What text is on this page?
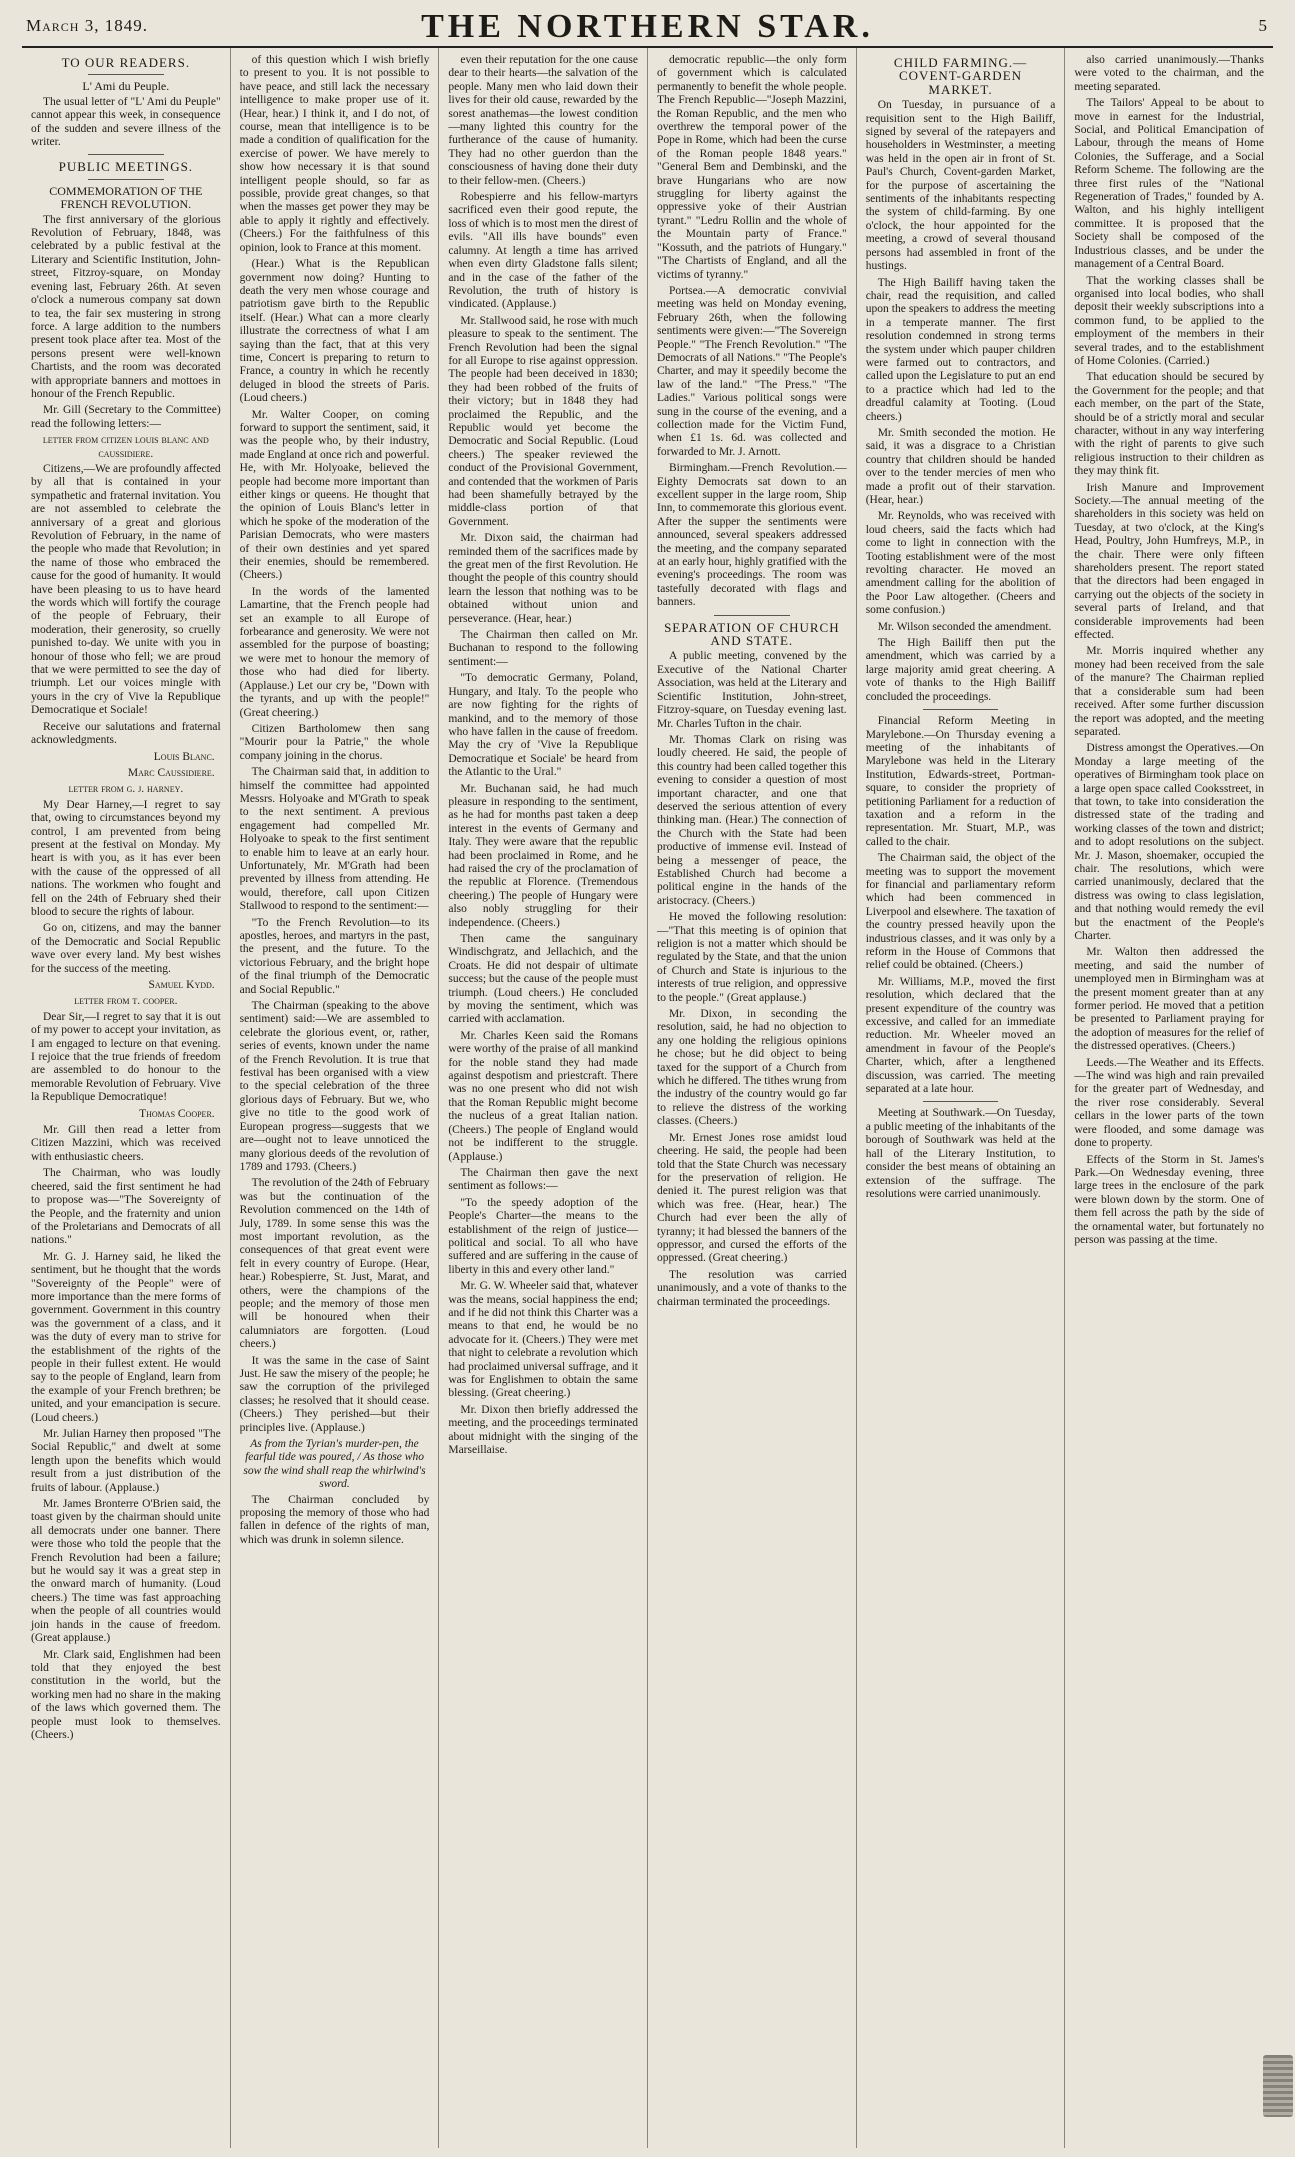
March 3, 1849.	THE NORTHERN STAR.	5
TO OUR READERS.
L' Ami du Peuple.

The usual letter of "L' Ami du Peuple" cannot appear this week, in consequence of the sudden and severe illness of the writer.

PUBLIC MEETINGS.
COMMEMORATION OF THE FRENCH REVOLUTION.

The first anniversary of the glorious Revolution of February, 1848, was celebrated by a public festival at the Literary and Scientific Institution, John-street, Fitzroy-square, on Monday evening last, February 26th. At seven o'clock a numerous company sat down to tea, the fair sex mustering in strong force. A large addition to the numbers present took place after tea. Most of the persons present were well-known Chartists, and the room was decorated with appropriate banners and mottoes in honour of the French Republic.

Mr. Gill (Secretary to the Committee) read the following letters:—

letter from citizen louis blanc and caussidiere.

Citizens,—We are profoundly affected by all that is contained in your sympathetic and fraternal invitation. You are not assembled to celebrate the anniversary of a great and glorious Revolution of February, in the name of the people who made that Revolution; in the name of those who embraced the cause for the good of humanity. It would have been pleasing to us to have heard the words which will fortify the courage of the people of February, their moderation, their generosity, so cruelly punished to-day. We unite with you in honour of those who fell; we are proud that we were permitted to see the day of triumph. Let our voices mingle with yours in the cry of Vive la Republique Democratique et Sociale!

Receive our salutations and fraternal acknowledgments.

Louis Blanc.
Marc Caussidiere.
letter from g. j. harney.

My Dear Harney,—I regret to say that, owing to circumstances beyond my control, I am prevented from being present at the festival on Monday. My heart is with you, as it has ever been with the cause of the oppressed of all nations. The workmen who fought and fell on the 24th of February shed their blood to secure the rights of labour.

Go on, citizens, and may the banner of the Democratic and Social Republic wave over every land. My best wishes for the success of the meeting.

Samuel Kydd.
letter from t. cooper.

Dear Sir,—I regret to say that it is out of my power to accept your invitation, as I am engaged to lecture on that evening. I rejoice that the true friends of freedom are assembled to do honour to the memorable Revolution of February. Vive la Republique Democratique!

Thomas Cooper.

Mr. Gill then read a letter from Citizen Mazzini, which was received with enthusiastic cheers.

The Chairman, who was loudly cheered, said the first sentiment he had to propose was—"The Sovereignty of the People, and the fraternity and union of the Proletarians and Democrats of all nations."

Mr. G. J. Harney said, he liked the sentiment, but he thought that the words "Sovereignty of the People" were of more importance than the mere forms of government. Government in this country was the government of a class, and it was the duty of every man to strive for the establishment of the rights of the people in their fullest extent. He would say to the people of England, learn from the example of your French brethren; be united, and your emancipation is secure. (Loud cheers.)

Mr. Julian Harney then proposed "The Social Republic," and dwelt at some length upon the benefits which would result from a just distribution of the fruits of labour. (Applause.)

Mr. James Bronterre O'Brien said, the toast given by the chairman should unite all democrats under one banner. There were those who told the people that the French Revolution had been a failure; but he would say it was a great step in the onward march of humanity. (Loud cheers.) The time was fast approaching when the people of all countries would join hands in the cause of freedom. (Great applause.)

Mr. Clark said, Englishmen had been told that they enjoyed the best constitution in the world, but the working men had no share in the making of the laws which governed them. The people must look to themselves. (Cheers.)

of this question which I wish briefly to present to you. It is not possible to have peace, and still lack the necessary intelligence to make proper use of it. (Hear, hear.) I think it, and I do not, of course, mean that intelligence is to be made a condition of qualification for the exercise of power. We have merely to show how necessary it is that sound intelligent people should, so far as possible, provide great changes, so that when the masses get power they may be able to apply it rightly and effectively. (Cheers.) For the faithfulness of this opinion, look to France at this moment.

(Hear.) What is the Republican government now doing? Hunting to death the very men whose courage and patriotism gave birth to the Republic itself. (Hear.) What can a more clearly illustrate the correctness of what I am saying than the fact, that at this very time, Concert is preparing to return to France, a country in which he recently deluged in blood the streets of Paris. (Loud cheers.)

Mr. Walter Cooper, on coming forward to support the sentiment, said, it was the people who, by their industry, made England at once rich and powerful. He, with Mr. Holyoake, believed the people had become more important than either kings or queens. He thought that the opinion of Louis Blanc's letter in which he spoke of the moderation of the Parisian Democrats, who were masters of their own destinies and yet spared their enemies, should be remembered. (Cheers.)

In the words of the lamented Lamartine, that the French people had set an example to all Europe of forbearance and generosity. We were not assembled for the purpose of boasting; we were met to honour the memory of those who had died for liberty. (Applause.) Let our cry be, "Down with the tyrants, and up with the people!" (Great cheering.)

Citizen Bartholomew then sang "Mourir pour la Patrie," the whole company joining in the chorus.

The Chairman said that, in addition to himself the committee had appointed Messrs. Holyoake and M'Grath to speak to the next sentiment. A previous engagement had compelled Mr. Holyoake to speak to the first sentiment to enable him to leave at an early hour. Unfortunately, Mr. M'Grath had been prevented by illness from attending. He would, therefore, call upon Citizen Stallwood to respond to the sentiment:—

"To the French Revolution—to its apostles, heroes, and martyrs in the past, the present, and the future. To the victorious February, and the bright hope of the final triumph of the Democratic and Social Republic."

The Chairman (speaking to the above sentiment) said:—We are assembled to celebrate the glorious event, or, rather, series of events, known under the name of the French Revolution. It is true that festival has been organised with a view to the special celebration of the three glorious days of February. But we, who give no title to the good work of European progress—suggests that we are—ought not to leave unnoticed the many glorious deeds of the revolution of 1789 and 1793. (Cheers.)

The revolution of the 24th of February was but the continuation of the Revolution commenced on the 14th of July, 1789. In some sense this was the most important revolution, as the consequences of that great event were felt in every country of Europe. (Hear, hear.) Robespierre, St. Just, Marat, and others, were the champions of the people; and the memory of those men will be honoured when their calumniators are forgotten. (Loud cheers.)

It was the same in the case of Saint Just. He saw the misery of the people; he saw the corruption of the privileged classes; he resolved that it should cease. (Cheers.) They perished—but their principles live. (Applause.)

As from the Tyrian's murder-pen, the fearful tide was poured, / As those who sow the wind shall reap the whirlwind's sword.

The Chairman concluded by proposing the memory of those who had fallen in defence of the rights of man, which was drunk in solemn silence.

even their reputation for the one cause dear to their hearts—the salvation of the people. Many men who laid down their lives for their old cause, rewarded by the sorest anathemas—the lowest condition—many lighted this country for the furtherance of the cause of humanity. They had no other guerdon than the consciousness of having done their duty to their fellow-men. (Cheers.)

Robespierre and his fellow-martyrs sacrificed even their good repute, the loss of which is to most men the direst of evils. "All ills have bounds" even calumny. At length a time has arrived when even dirty Gladstone falls silent; and in the case of the father of the Revolution, the truth of history is vindicated. (Applause.)

Mr. Stallwood said, he rose with much pleasure to speak to the sentiment. The French Revolution had been the signal for all Europe to rise against oppression. The people had been deceived in 1830; they had been robbed of the fruits of their victory; but in 1848 they had proclaimed the Republic, and the Republic would yet become the Democratic and Social Republic. (Loud cheers.) The speaker reviewed the conduct of the Provisional Government, and contended that the workmen of Paris had been shamefully betrayed by the middle-class portion of that Government.

Mr. Dixon said, the chairman had reminded them of the sacrifices made by the great men of the first Revolution. He thought the people of this country should learn the lesson that nothing was to be obtained without union and perseverance. (Hear, hear.)

The Chairman then called on Mr. Buchanan to respond to the following sentiment:—

"To democratic Germany, Poland, Hungary, and Italy. To the people who are now fighting for the rights of mankind, and to the memory of those who have fallen in the cause of freedom. May the cry of 'Vive la Republique Democratique et Sociale' be heard from the Atlantic to the Ural."

Mr. Buchanan said, he had much pleasure in responding to the sentiment, as he had for months past taken a deep interest in the events of Germany and Italy. They were aware that the republic had been proclaimed in Rome, and he had raised the cry of the proclamation of the republic at Florence. (Tremendous cheering.) The people of Hungary were also nobly struggling for their independence. (Cheers.)

Then came the sanguinary Windischgratz, and Jellachich, and the Croats. He did not despair of ultimate success; but the cause of the people must triumph. (Loud cheers.) He concluded by moving the sentiment, which was carried with acclamation.

Mr. Charles Keen said the Romans were worthy of the praise of all mankind for the noble stand they had made against despotism and priestcraft. There was no one present who did not wish that the Roman Republic might become the nucleus of a great Italian nation. (Cheers.) The people of England would not be indifferent to the struggle. (Applause.)

The Chairman then gave the next sentiment as follows:—

"To the speedy adoption of the People's Charter—the means to the establishment of the reign of justice—political and social. To all who have suffered and are suffering in the cause of liberty in this and every other land."

Mr. G. W. Wheeler said that, whatever was the means, social happiness the end; and if he did not think this Charter was a means to that end, he would be no advocate for it. (Cheers.) They were met that night to celebrate a revolution which had proclaimed universal suffrage, and it was for Englishmen to obtain the same blessing. (Great cheering.)

Mr. Dixon then briefly addressed the meeting, and the proceedings terminated about midnight with the singing of the Marseillaise.

democratic republic—the only form of government which is calculated permanently to benefit the whole people. The French Republic—"Joseph Mazzini, the Roman Republic, and the men who overthrew the temporal power of the Pope in Rome, which had been the curse of the Roman people 1848 years." "General Bem and Dembinski, and the brave Hungarians who are now struggling for liberty against the oppressive yoke of their Austrian tyrant." "Ledru Rollin and the whole of the Mountain party of France." "Kossuth, and the patriots of Hungary." "The Chartists of England, and all the victims of tyranny."

Portsea.—A democratic convivial meeting was held on Monday evening, February 26th, when the following sentiments were given:—"The Sovereign People." "The French Revolution." "The Democrats of all Nations." "The People's Charter, and may it speedily become the law of the land." "The Press." "The Ladies." Various political songs were sung in the course of the evening, and a collection made for the Victim Fund, when £1 1s. 6d. was collected and forwarded to Mr. J. Arnott.

Birmingham.—French Revolution.—Eighty Democrats sat down to an excellent supper in the large room, Ship Inn, to commemorate this glorious event. After the supper the sentiments were announced, several speakers addressed the meeting, and the company separated at an early hour, highly gratified with the evening's proceedings. The room was tastefully decorated with flags and banners.

SEPARATION OF CHURCH AND STATE.

A public meeting, convened by the Executive of the National Charter Association, was held at the Literary and Scientific Institution, John-street, Fitzroy-square, on Tuesday evening last. Mr. Charles Tufton in the chair.

Mr. Thomas Clark on rising was loudly cheered. He said, the people of this country had been called together this evening to consider a question of most important character, and one that deserved the serious attention of every thinking man. (Hear.) The connection of the Church with the State had been productive of immense evil. Instead of being a messenger of peace, the Established Church had become a political engine in the hands of the aristocracy. (Cheers.)

He moved the following resolution:—"That this meeting is of opinion that religion is not a matter which should be regulated by the State, and that the union of Church and State is injurious to the interests of true religion, and oppressive to the people." (Great applause.)

Mr. Dixon, in seconding the resolution, said, he had no objection to any one holding the religious opinions he chose; but he did object to being taxed for the support of a Church from which he differed. The tithes wrung from the industry of the country would go far to relieve the distress of the working classes. (Cheers.)

Mr. Ernest Jones rose amidst loud cheering. He said, the people had been told that the State Church was necessary for the preservation of religion. He denied it. The purest religion was that which was free. (Hear, hear.) The Church had ever been the ally of tyranny; it had blessed the banners of the oppressor, and cursed the efforts of the oppressed. (Great cheering.)

The resolution was carried unanimously, and a vote of thanks to the chairman terminated the proceedings.

CHILD FARMING.—COVENT-GARDEN MARKET.

On Tuesday, in pursuance of a requisition sent to the High Bailiff, signed by several of the ratepayers and householders in Westminster, a meeting was held in the open air in front of St. Paul's Church, Covent-garden Market, for the purpose of ascertaining the sentiments of the inhabitants respecting the system of child-farming. By one o'clock, the hour appointed for the meeting, a crowd of several thousand persons had assembled in front of the hustings.

The High Bailiff having taken the chair, read the requisition, and called upon the speakers to address the meeting in a temperate manner. The first resolution condemned in strong terms the system under which pauper children were farmed out to contractors, and called upon the Legislature to put an end to a practice which had led to the dreadful calamity at Tooting. (Loud cheers.)

Mr. Smith seconded the motion. He said, it was a disgrace to a Christian country that children should be handed over to the tender mercies of men who made a profit out of their starvation. (Hear, hear.)

Mr. Reynolds, who was received with loud cheers, said the facts which had come to light in connection with the Tooting establishment were of the most revolting character. He moved an amendment calling for the abolition of the Poor Law altogether. (Cheers and some confusion.)

Mr. Wilson seconded the amendment.

The High Bailiff then put the amendment, which was carried by a large majority amid great cheering. A vote of thanks to the High Bailiff concluded the proceedings.

Financial Reform Meeting in Marylebone.—On Thursday evening a meeting of the inhabitants of Marylebone was held in the Literary Institution, Edwards-street, Portman-square, to consider the propriety of petitioning Parliament for a reduction of taxation and a reform in the representation. Mr. Stuart, M.P., was called to the chair.

The Chairman said, the object of the meeting was to support the movement for financial and parliamentary reform which had been commenced in Liverpool and elsewhere. The taxation of the country pressed heavily upon the industrious classes, and it was only by a reform in the House of Commons that relief could be obtained. (Cheers.)

Mr. Williams, M.P., moved the first resolution, which declared that the present expenditure of the country was excessive, and called for an immediate reduction. Mr. Wheeler moved an amendment in favour of the People's Charter, which, after a lengthened discussion, was carried. The meeting separated at a late hour.

Meeting at Southwark.—On Tuesday, a public meeting of the inhabitants of the borough of Southwark was held at the hall of the Literary Institution, to consider the best means of obtaining an extension of the suffrage. The resolutions were carried unanimously.

also carried unanimously.—Thanks were voted to the chairman, and the meeting separated.

The Tailors' Appeal to be about to move in earnest for the Industrial, Social, and Political Emancipation of Labour, through the means of Home Colonies, the Sufferage, and a Social Reform Scheme. The following are the three first rules of the "National Regeneration of Trades," founded by A. Walton, and his highly intelligent committee. It is proposed that the Society shall be composed of the Industrious classes, and be under the management of a Central Board.

That the working classes shall be organised into local bodies, who shall deposit their weekly subscriptions into a common fund, to be applied to the employment of the members in their several trades, and to the establishment of Home Colonies. (Carried.)

That education should be secured by the Government for the people; and that each member, on the part of the State, should be of a strictly moral and secular character, without in any way interfering with the right of parents to give such religious instruction to their children as they may think fit.

Irish Manure and Improvement Society.—The annual meeting of the shareholders in this society was held on Tuesday, at two o'clock, at the King's Head, Poultry, John Humfreys, M.P., in the chair. There were only fifteen shareholders present. The report stated that the directors had been engaged in carrying out the objects of the society in several parts of Ireland, and that considerable improvements had been effected.

Mr. Morris inquired whether any money had been received from the sale of the manure? The Chairman replied that a considerable sum had been received. After some further discussion the report was adopted, and the meeting separated.

Distress amongst the Operatives.—On Monday a large meeting of the operatives of Birmingham took place on a large open space called Cooksstreet, in that town, to take into consideration the distressed state of the trading and working classes of the town and district; and to adopt resolutions on the subject. Mr. J. Mason, shoemaker, occupied the chair. The resolutions, which were carried unanimously, declared that the distress was owing to class legislation, and that nothing would remedy the evil but the enactment of the People's Charter.

Mr. Walton then addressed the meeting, and said the number of unemployed men in Birmingham was at the present moment greater than at any former period. He moved that a petition be presented to Parliament praying for the adoption of measures for the relief of the distressed operatives. (Cheers.)

Leeds.—The Weather and its Effects.—The wind was high and rain prevailed for the greater part of Wednesday, and the river rose considerably. Several cellars in the lower parts of the town were flooded, and some damage was done to property.

Effects of the Storm in St. James's Park.—On Wednesday evening, three large trees in the enclosure of the park were blown down by the storm. One of them fell across the path by the side of the ornamental water, but fortunately no person was passing at the time.
